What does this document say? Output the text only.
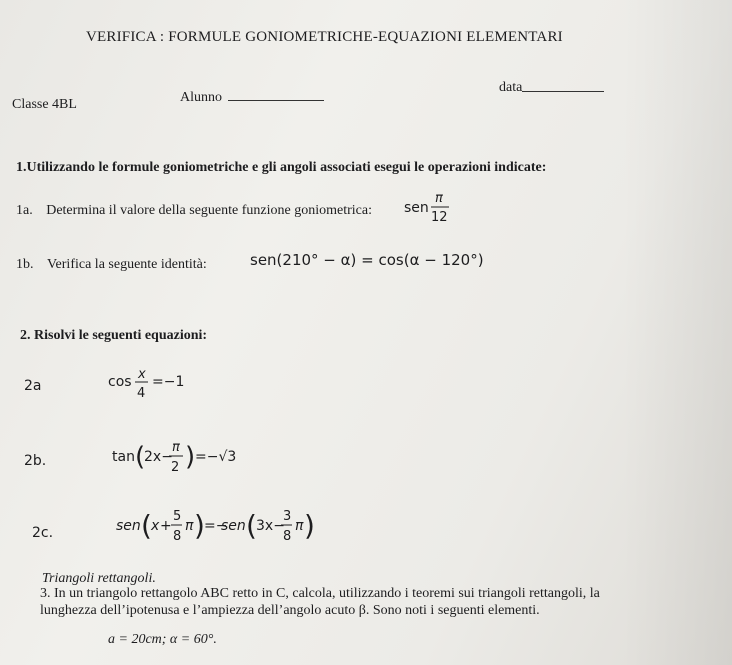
VERIFICA : FORMULE GONIOMETRICHE-EQUAZIONI ELEMENTARI
Classe 4BL	Alunno
data
1.Utilizzando le formule goniometriche e gli angoli associati esegui le operazioni indicate:
1a. Determina il valore della seguente funzione goniometrica: sen
π
12
1b. Verifica la seguente identità:	sen(210° − α) = cos(α − 120°)
2. Risolvi le seguenti equazioni:
2a	cos x
4
=−1
2b.	tan (
2x−
π
2 ) =−√3
2c.	sen ( x +
5
8
π ) =−
sen ( 3x−
3
8
π )
Triangoli rettangoli.
3. In un triangolo rettangolo ABC retto in C, calcola, utilizzando i teoremi sui triangoli rettangoli, la
lunghezza dell’ipotenusa e l’ampiezza dell’angolo acuto β. Sono noti i seguenti elementi.
a = 20cm; α = 60°.
